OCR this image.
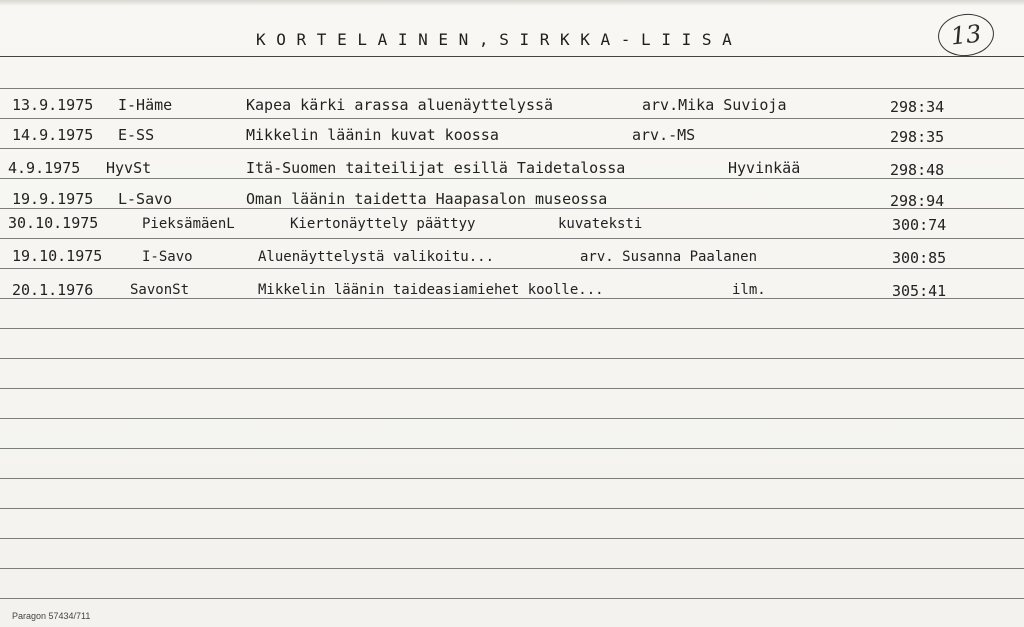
K O R T E L A I N E N , S I R K K A - L I I S A	13
13.9.1975 I-Häme	Kapea kärki arassa aluenäyttelyssä	arv.Mika Suvioja	298:34
14.9.1975 E-SS	Mikkelin läänin kuvat koossa	arv.-MS	298:35
4.9.1975 HyvSt	Itä-Suomen taiteilijat esillä Taidetalossa	Hyvinkää	298:48
19.9.1975 L-Savo	Oman läänin taidetta Haapasalon museossa	298:94
30.10.1975	PieksämäenL	Kiertonäyttely päättyy	kuvateksti	300:74
19.10.1975	I-Savo	Aluenäyttelystä valikoitu...	arv. Susanna Paalanen	300:85
20.1.1976	SavonSt	Mikkelin läänin taideasiamiehet koolle...	ilm.	305:41
Paragon 57434/711
